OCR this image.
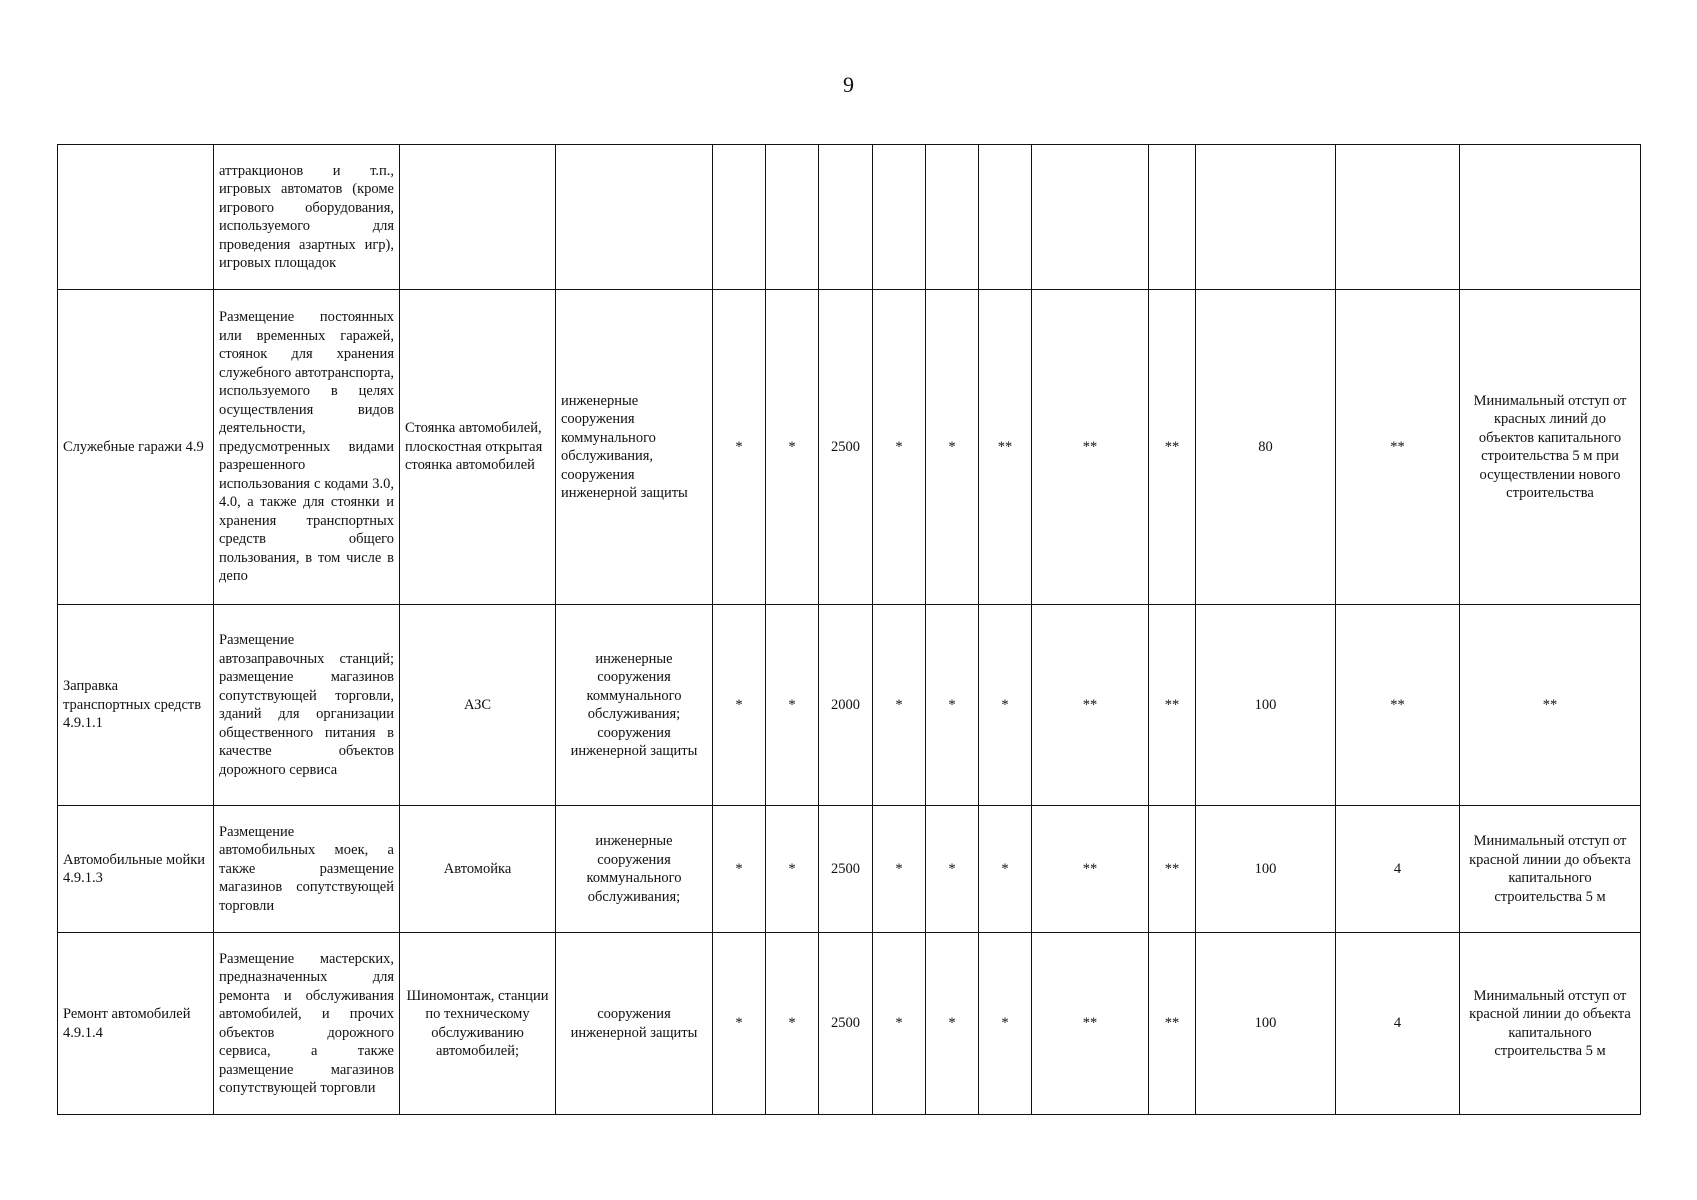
9
	аттракционов и т.п., игровых автоматов (кроме игрового оборудования, используемого для проведения азартных игр), игровых площадок													
Служебные гаражи 4.9	Размещение постоянных или временных гаражей, стоянок для хранения служебного автотранспорта, используемого в целях осуществления видов деятельности, предусмотренных видами разрешенного использования с кодами 3.0, 4.0, а также для стоянки и хранения транспортных средств общего пользования, в том числе в депо	Стоянка автомобилей, плоскостная открытая стоянка автомобилей	инженерные сооружения коммунального обслуживания, сооружения инженерной защиты	*	*	2500	*	*	**	**	**	80	**	Минимальный отступ от красных линий до объектов капитального строительства 5 м при осуществлении нового строительства
Заправка транспортных средств 4.9.1.1	Размещение автозаправочных станций; размещение магазинов сопутствующей торговли, зданий для организации общественного питания в качестве объектов дорожного сервиса	АЗС	инженерные сооружения коммунального обслуживания; сооружения инженерной защиты	*	*	2000	*	*	*	**	**	100	**	**
Автомобильные мойки 4.9.1.3	Размещение автомобильных моек, а также размещение магазинов сопутствующей торговли	Автомойка	инженерные сооружения коммунального обслуживания;	*	*	2500	*	*	*	**	**	100	4	Минимальный отступ от красной линии до объекта капитального строительства 5 м
Ремонт автомобилей 4.9.1.4	Размещение мастерских, предназначенных для ремонта и обслуживания автомобилей, и прочих объектов дорожного сервиса, а также размещение магазинов сопутствующей торговли	Шиномонтаж, станции по техническому обслуживанию автомобилей;	сооружения инженерной защиты	*	*	2500	*	*	*	**	**	100	4	Минимальный отступ от красной линии до объекта капитального строительства 5 м
